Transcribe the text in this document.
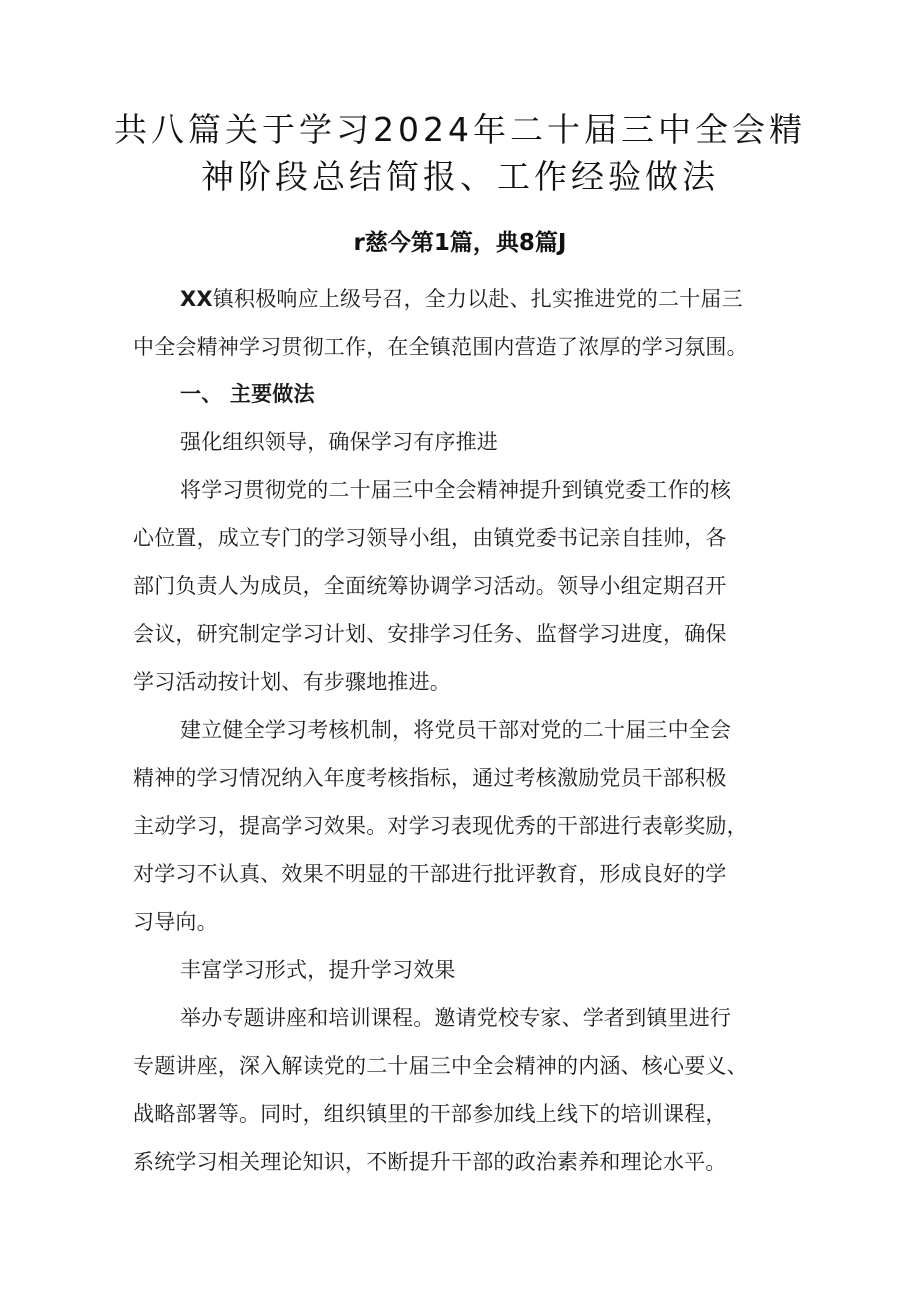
共八篇关于学习2024年二十届三中全会精
神阶段总结简报、工作经验做法
r慈今第1篇，典8篇J
XX镇积极响应上级号召，全力以赴、扎实推进党的二十届三
中全会精神学习贯彻工作，在全镇范围内营造了浓厚的学习氛围。
一、 主要做法
强化组织领导，确保学习有序推进
将学习贯彻党的二十届三中全会精神提升到镇党委工作的核
心位置，成立专门的学习领导小组，由镇党委书记亲自挂帅，各
部门负责人为成员，全面统筹协调学习活动。领导小组定期召开
会议，研究制定学习计划、安排学习任务、监督学习进度，确保
学习活动按计划、有步骤地推进。
建立健全学习考核机制，将党员干部对党的二十届三中全会
精神的学习情况纳入年度考核指标，通过考核激励党员干部积极
主动学习，提高学习效果。对学习表现优秀的干部进行表彰奖励，
对学习不认真、效果不明显的干部进行批评教育，形成良好的学
习导向。
丰富学习形式，提升学习效果
举办专题讲座和培训课程。邀请党校专家、学者到镇里进行
专题讲座，深入解读党的二十届三中全会精神的内涵、核心要义、
战略部署等。同时，组织镇里的干部参加线上线下的培训课程，
系统学习相关理论知识，不断提升干部的政治素养和理论水平。
